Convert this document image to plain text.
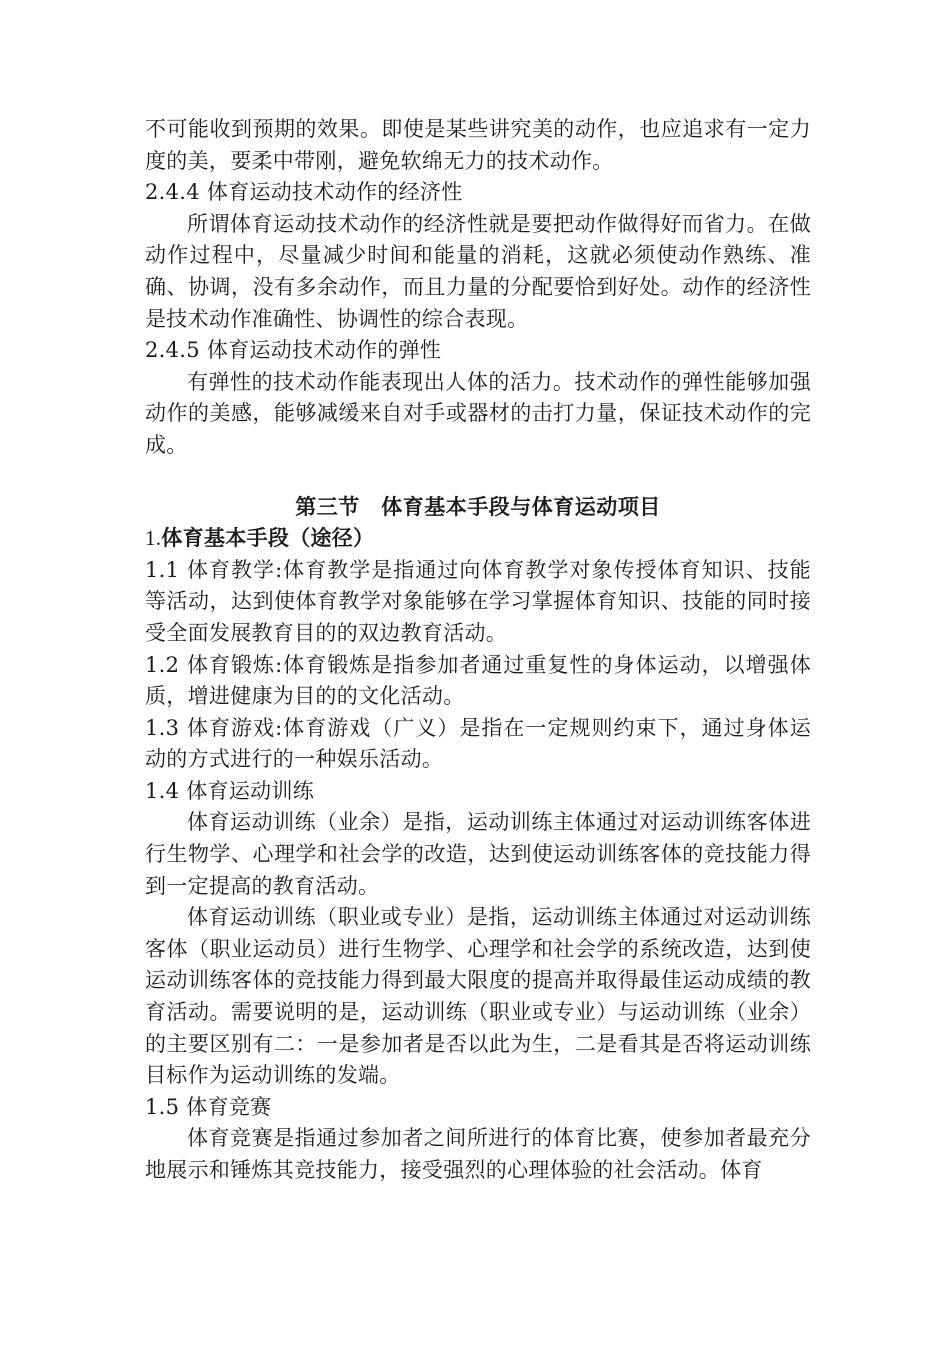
不可能收到预期的效果。即使是某些讲究美的动作，也应追求有一定力度的美，要柔中带刚，避免软绵无力的技术动作。

2.4.4 体育运动技术动作的经济性

所谓体育运动技术动作的经济性就是要把动作做得好而省力。在做动作过程中，尽量减少时间和能量的消耗，这就必须使动作熟练、准确、协调，没有多余动作，而且力量的分配要恰到好处。动作的经济性是技术动作准确性、协调性的综合表现。

2.4.5 体育运动技术动作的弹性

有弹性的技术动作能表现出人体的活力。技术动作的弹性能够加强动作的美感，能够减缓来自对手或器材的击打力量，保证技术动作的完成。

第三节　体育基本手段与体育运动项目

1.体育基本手段（途径）

1.1 体育教学:体育教学是指通过向体育教学对象传授体育知识、技能等活动，达到使体育教学对象能够在学习掌握体育知识、技能的同时接受全面发展教育目的的双边教育活动。

1.2 体育锻炼:体育锻炼是指参加者通过重复性的身体运动，以增强体质，增进健康为目的的文化活动。

1.3 体育游戏:体育游戏（广义）是指在一定规则约束下，通过身体运动的方式进行的一种娱乐活动。

1.4 体育运动训练

体育运动训练（业余）是指，运动训练主体通过对运动训练客体进行生物学、心理学和社会学的改造，达到使运动训练客体的竞技能力得到一定提高的教育活动。

体育运动训练（职业或专业）是指，运动训练主体通过对运动训练客体（职业运动员）进行生物学、心理学和社会学的系统改造，达到使运动训练客体的竞技能力得到最大限度的提高并取得最佳运动成绩的教育活动。需要说明的是，运动训练（职业或专业）与运动训练（业余）的主要区别有二：一是参加者是否以此为生，二是看其是否将运动训练目标作为运动训练的发端。

1.5 体育竞赛

体育竞赛是指通过参加者之间所进行的体育比赛，使参加者最充分地展示和锤炼其竞技能力，接受强烈的心理体验的社会活动。体育
